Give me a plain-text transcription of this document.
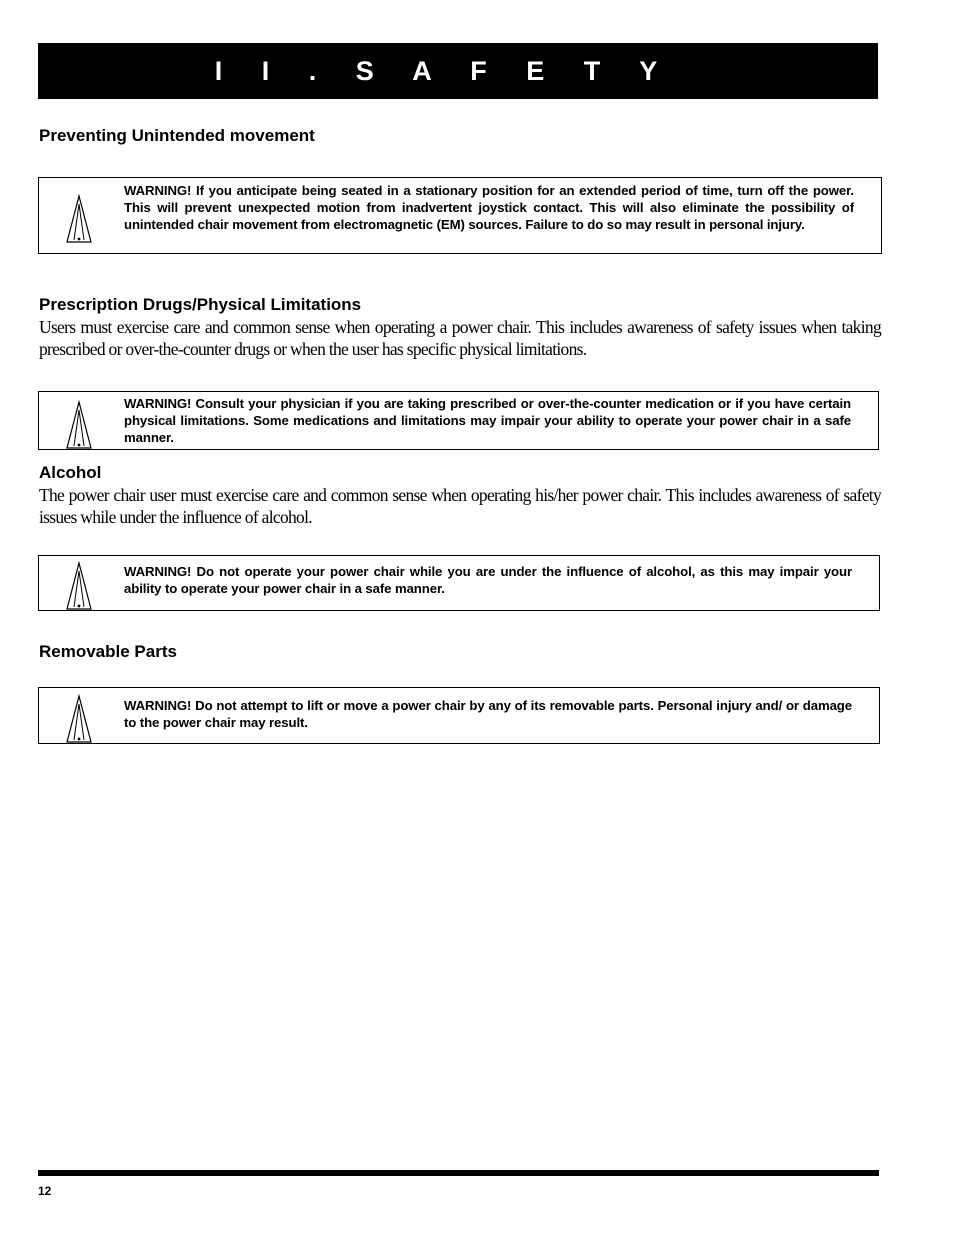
I I . S A F E T Y
Preventing Unintended movement

WARNING! If you anticipate being seated in a stationary position for an extended period of time, turn off the power. This will prevent unexpected motion from inadvertent joystick contact. This will also eliminate the possibility of unintended chair movement from electromagnetic (EM) sources. Failure to do so may result in personal injury.

Prescription Drugs/Physical Limitations

Users must exercise care and common sense when operating a power chair. This includes awareness of safety issues when taking prescribed or over-the-counter drugs or when the user has specific physical limitations.

WARNING! Consult your physician if you are taking prescribed or over-the-counter medication or if you have certain physical limitations. Some medications and limitations may impair your ability to operate your power chair in a safe manner.

Alcohol

The power chair user must exercise care and common sense when operating his/her power chair. This includes awareness of safety issues while under the influence of alcohol.

WARNING! Do not operate your power chair while you are under the influence of alcohol, as this may impair your ability to operate your power chair in a safe manner.

Removable Parts

WARNING! Do not attempt to lift or move a power chair by any of its removable parts. Personal injury and/ or damage to the power chair may result.

12
